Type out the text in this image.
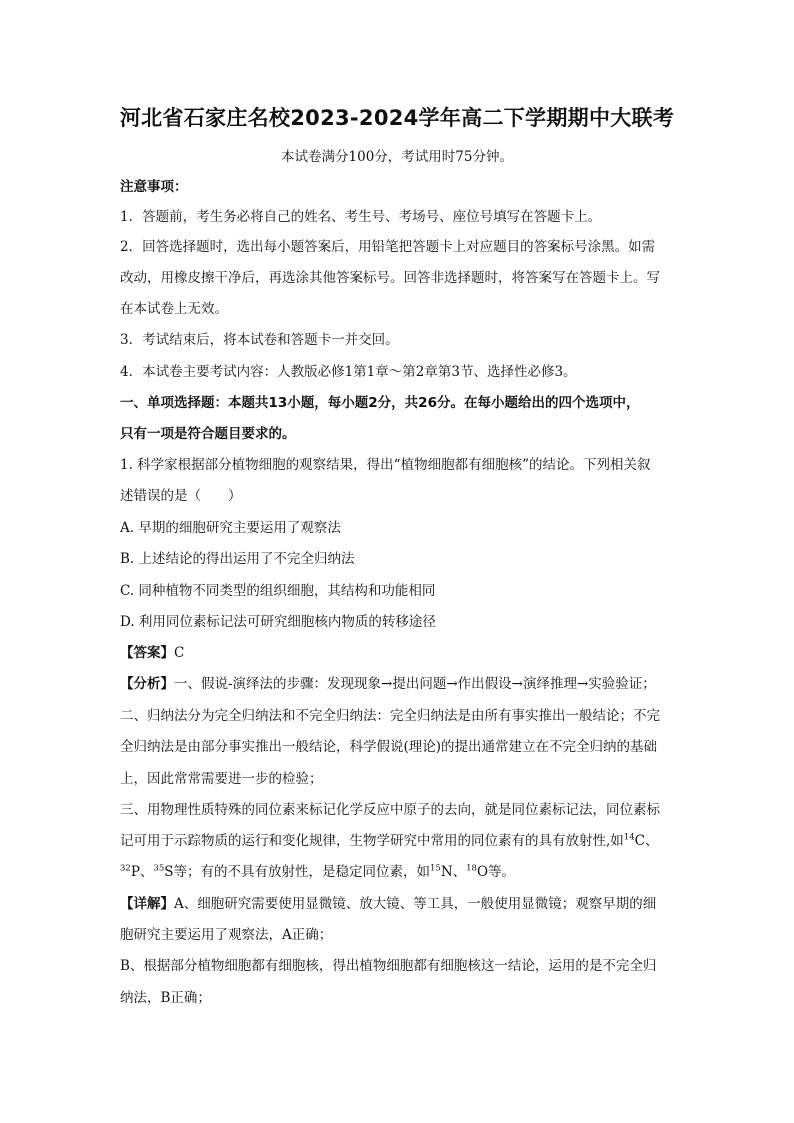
河北省石家庄名校2023-2024学年高二下学期期中大联考
本试卷满分100分，考试用时75分钟。
注意事项：
1．答题前，考生务必将自己的姓名、考生号、考场号、座位号填写在答题卡上。
2．回答选择题时，选出每小题答案后，用铅笔把答题卡上对应题目的答案标号涂黑。如需
改动，用橡皮擦干净后，再选涂其他答案标号。回答非选择题时，将答案写在答题卡上。写
在本试卷上无效。
3．考试结束后，将本试卷和答题卡一并交回。
4．本试卷主要考试内容：人教版必修1第1章～第2章第3节、选择性必修3。
一、单项选择题：本题共13小题，每小题2分，共26分。在每小题给出的四个选项中，
只有一项是符合题目要求的。
1. 科学家根据部分植物细胞的观察结果，得出“植物细胞都有细胞核”的结论。下列相关叙
述错误的是（　　）
A. 早期的细胞研究主要运用了观察法
B. 上述结论的得出运用了不完全归纳法
C. 同种植物不同类型的组织细胞，其结构和功能相同
D. 利用同位素标记法可研究细胞核内物质的转移途径
【答案】C
【分析】一、假说-演绎法的步骤：发现现象→提出问题→作出假设→演绎推理→实验验证；
二、归纳法分为完全归纳法和不完全归纳法：完全归纳法是由所有事实推出一般结论；不完
全归纳法是由部分事实推出一般结论，科学假说(理论)的提出通常建立在不完全归纳的基础
上，因此常常需要进一步的检验；
三、用物理性质特殊的同位素来标记化学反应中原子的去向，就是同位素标记法，同位素标
记可用于示踪物质的运行和变化规律，生物学研究中常用的同位素有的具有放射性,如$^{14}$C、
$^{32}$P、$^{35}$S等；有的不具有放射性，是稳定同位素，如$^{15}$N、$^{18}$O等。
【详解】A、细胞研究需要使用显微镜、放大镜、等工具，一般使用显微镜；观察早期的细
胞研究主要运用了观察法，A正确；
B、根据部分植物细胞都有细胞核，得出植物细胞都有细胞核这一结论，运用的是不完全归
纳法，B正确；
